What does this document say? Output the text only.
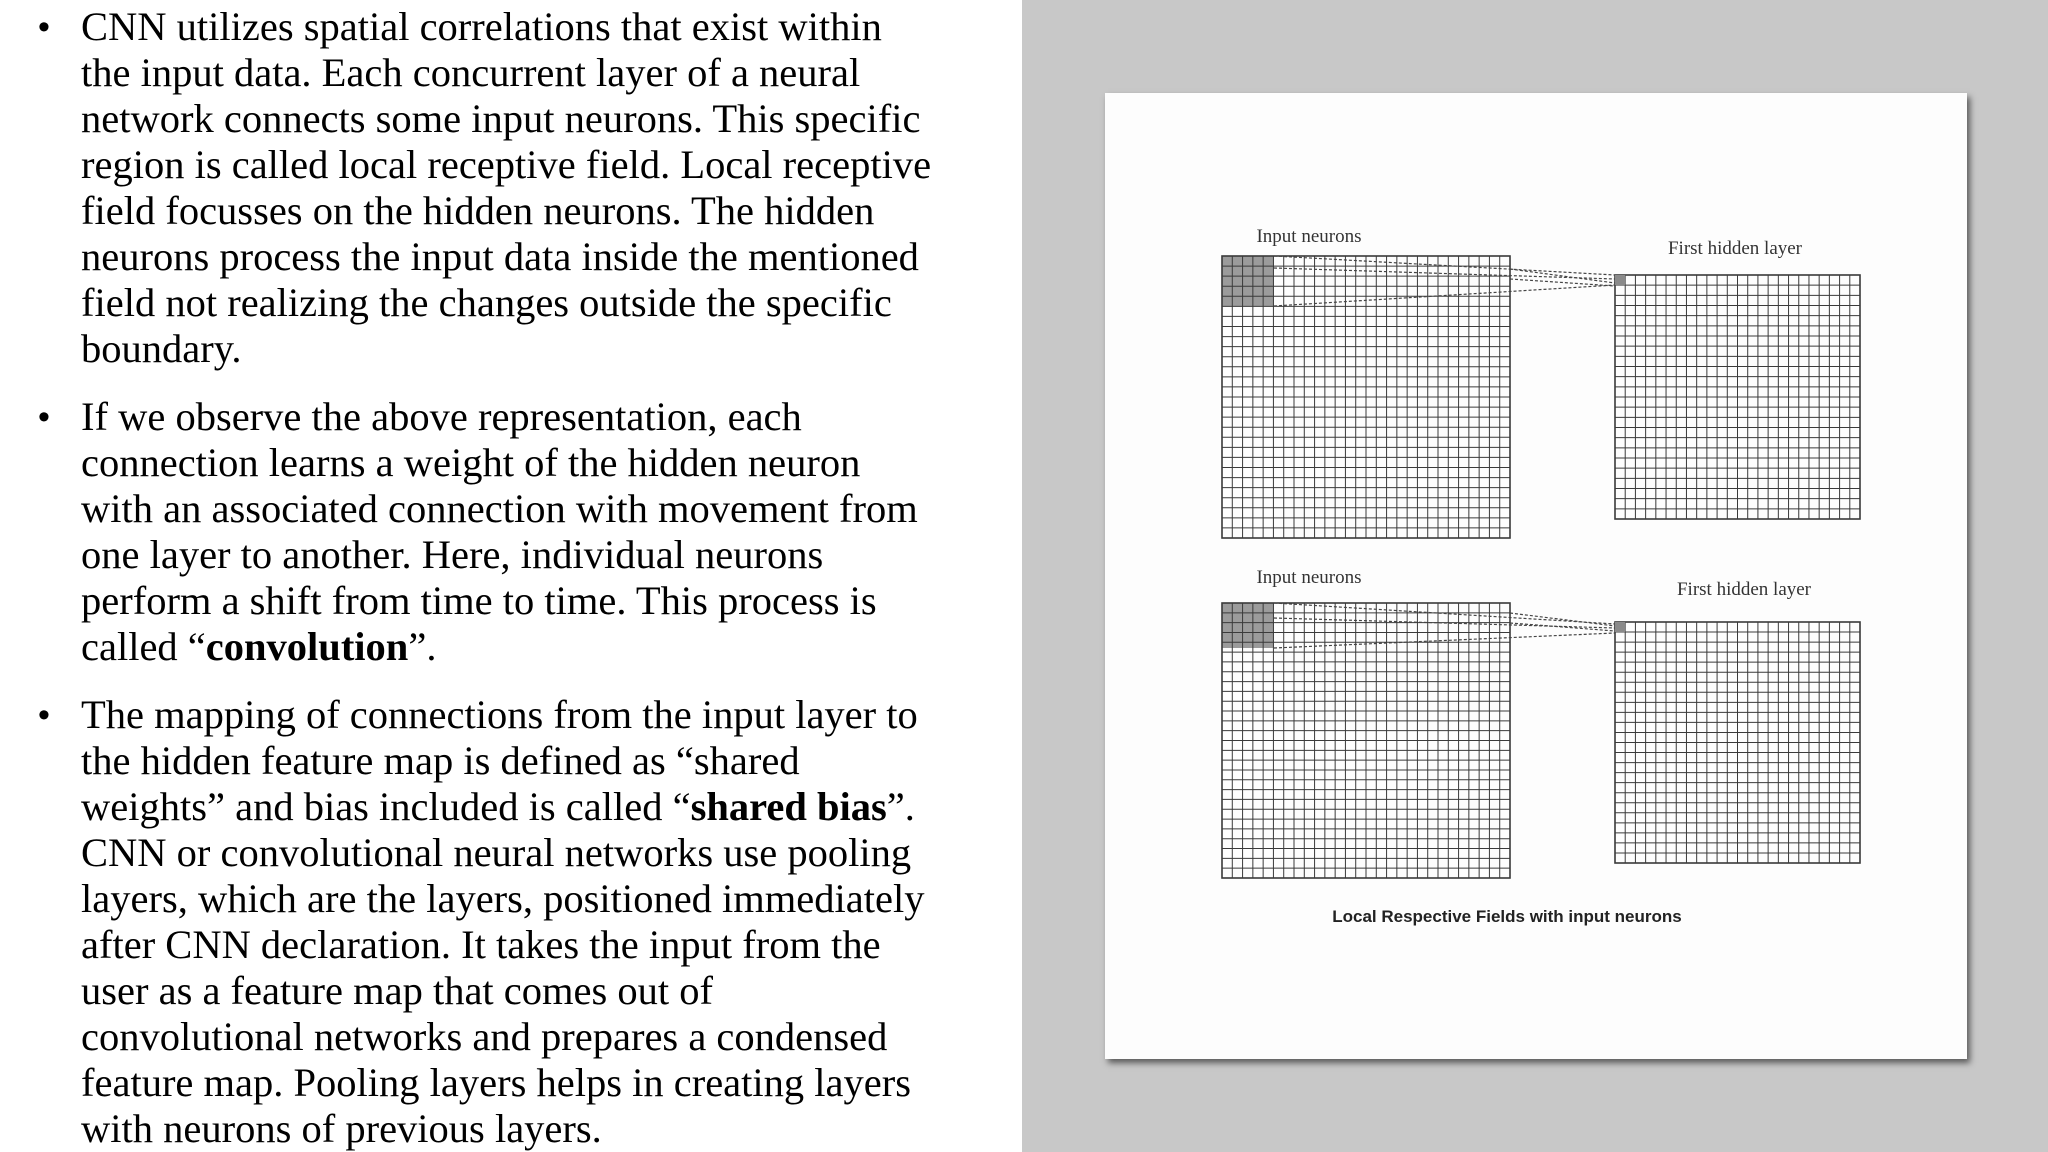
• CNN utilizes spatial correlations that exist within
the input data. Each concurrent layer of a neural
network connects some input neurons. This specific
region is called local receptive field. Local receptive
field focusses on the hidden neurons. The hidden
neurons process the input data inside the mentioned
field not realizing the changes outside the specific
boundary.
• If we observe the above representation, each
connection learns a weight of the hidden neuron
with an associated connection with movement from
one layer to another. Here, individual neurons
perform a shift from time to time. This process is
called “convolution”.
• The mapping of connections from the input layer to
the hidden feature map is defined as “shared
weights” and bias included is called “shared bias”.
CNN or convolutional neural networks use pooling
layers, which are the layers, positioned immediately
after CNN declaration. It takes the input from the
user as a feature map that comes out of
convolutional networks and prepares a condensed
feature map. Pooling layers helps in creating layers
with neurons of previous layers.
Input neurons
First hidden layer
Input neurons
First hidden layer
Local Respective Fields with input neurons
